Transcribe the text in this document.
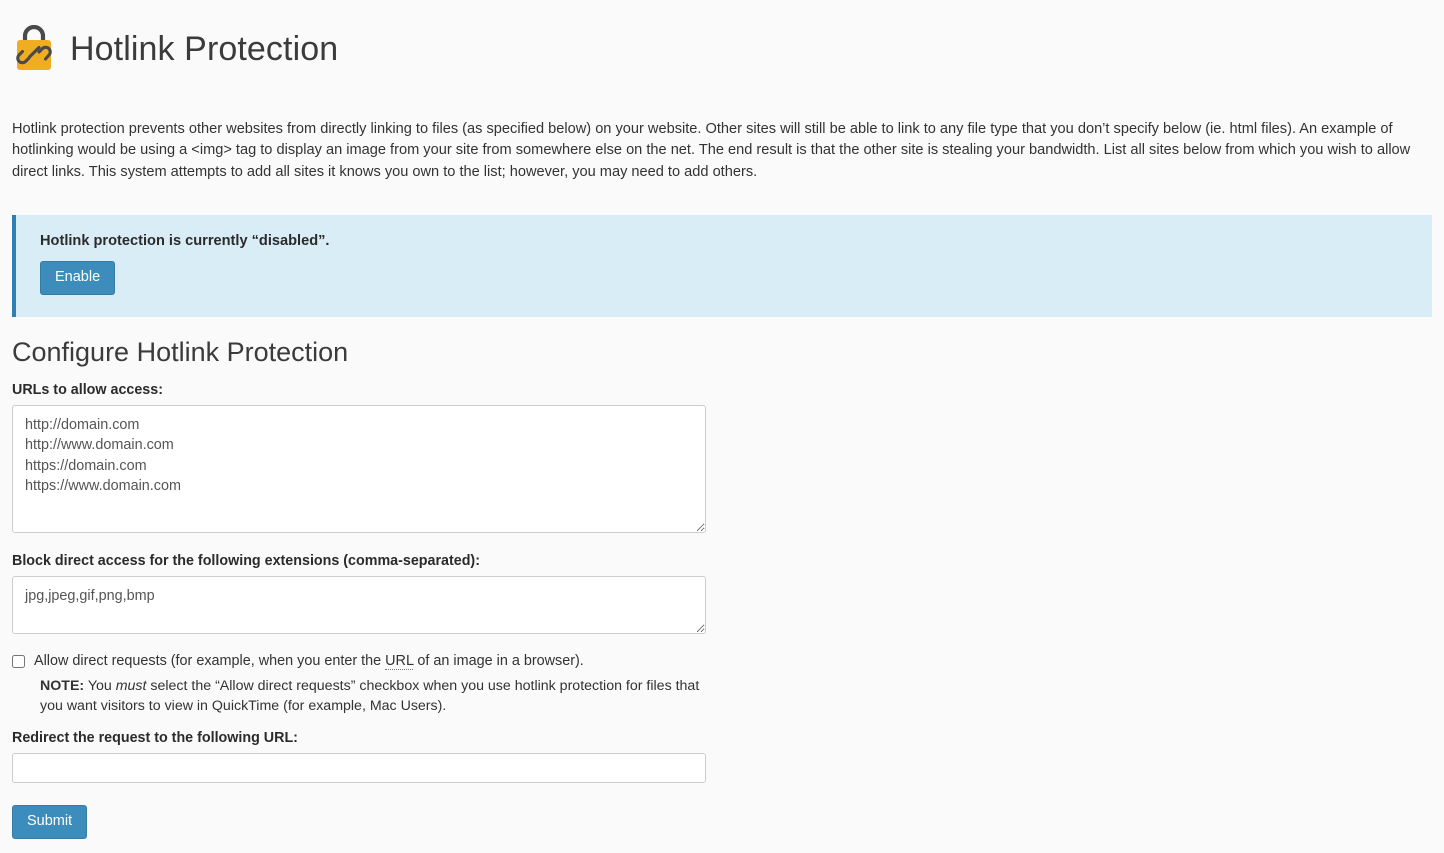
Hotlink Protection

Hotlink protection prevents other websites from directly linking to files (as specified below) on your website. Other sites will still be able to link to any file type that you don’t specify below (ie. html files). An example of hotlinking would be using a <img> tag to display an image from your site from somewhere else on the net. The end result is that the other site is stealing your bandwidth. List all sites below from which you wish to allow direct links. This system attempts to add all sites it knows you own to the list; however, you may need to add others.

Hotlink protection is currently “disabled”.
Enable
Configure Hotlink Protection
URLs to allow access:
http://domain.com http://www.domain.com https://domain.com https://www.domain.com
Block direct access for the following extensions (comma-separated):
jpg,jpeg,gif,png,bmp
Allow direct requests (for example, when you enter the URL of an image in a browser).
NOTE: You must select the “Allow direct requests” checkbox when you use hotlink protection for files that you want visitors to view in QuickTime (for example, Mac Users).
Redirect the request to the following URL:
Submit
